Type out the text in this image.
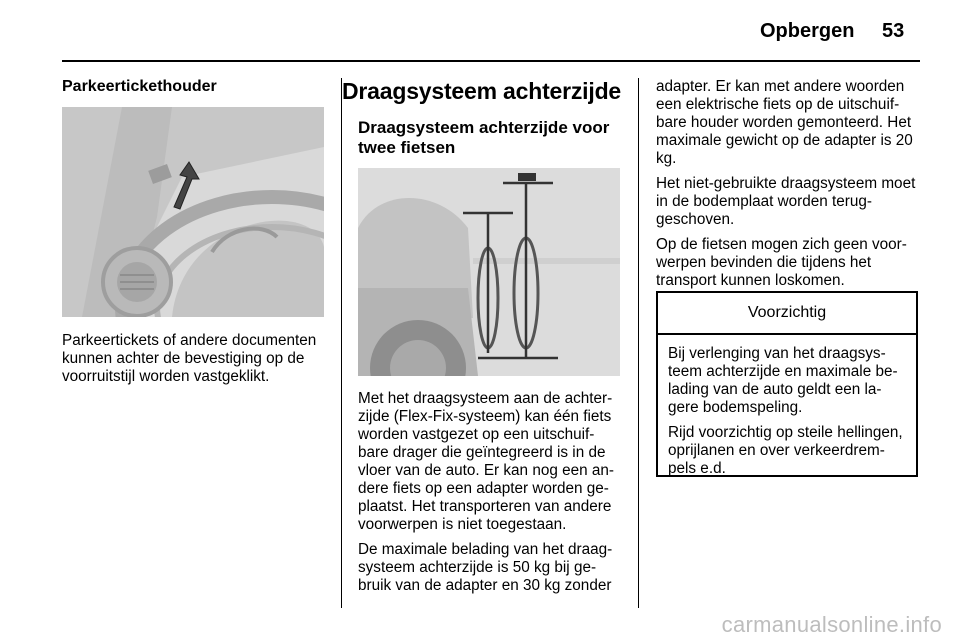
Opbergen 53
Parkeertickethouder

Parkeertickets of andere documenten kunnen achter de bevestiging op de voorruitstijl worden vastgeklikt.

Draagsysteem achterzijde
Draagsysteem achterzijde voor twee fietsen

Met het draagsysteem aan de achter-zijde (Flex-Fix-systeem) kan één fiets worden vastgezet op een uitschuif-bare drager die geïntegreerd is in de vloer van de auto. Er kan nog een an-dere fiets op een adapter worden ge-plaatst. Het transporteren van andere voorwerpen is niet toegestaan.

De maximale belading van het draag-systeem achterzijde is 50 kg bij ge-bruik van de adapter en 30 kg zonder

adapter. Er kan met andere woorden een elektrische fiets op de uitschuif-bare houder worden gemonteerd. Het maximale gewicht op de adapter is 20 kg.

Het niet-gebruikte draagsysteem moet in de bodemplaat worden terug-geschoven.

Op de fietsen mogen zich geen voor-werpen bevinden die tijdens het transport kunnen loskomen.

Voorzichtig

Bij verlenging van het draagsys-teem achterzijde en maximale be-lading van de auto geldt een la-gere bodemspeling.

Rijd voorzichtig op steile hellingen, oprijlanen en over verkeerdrem-pels e.d.

carmanualsonline.info
